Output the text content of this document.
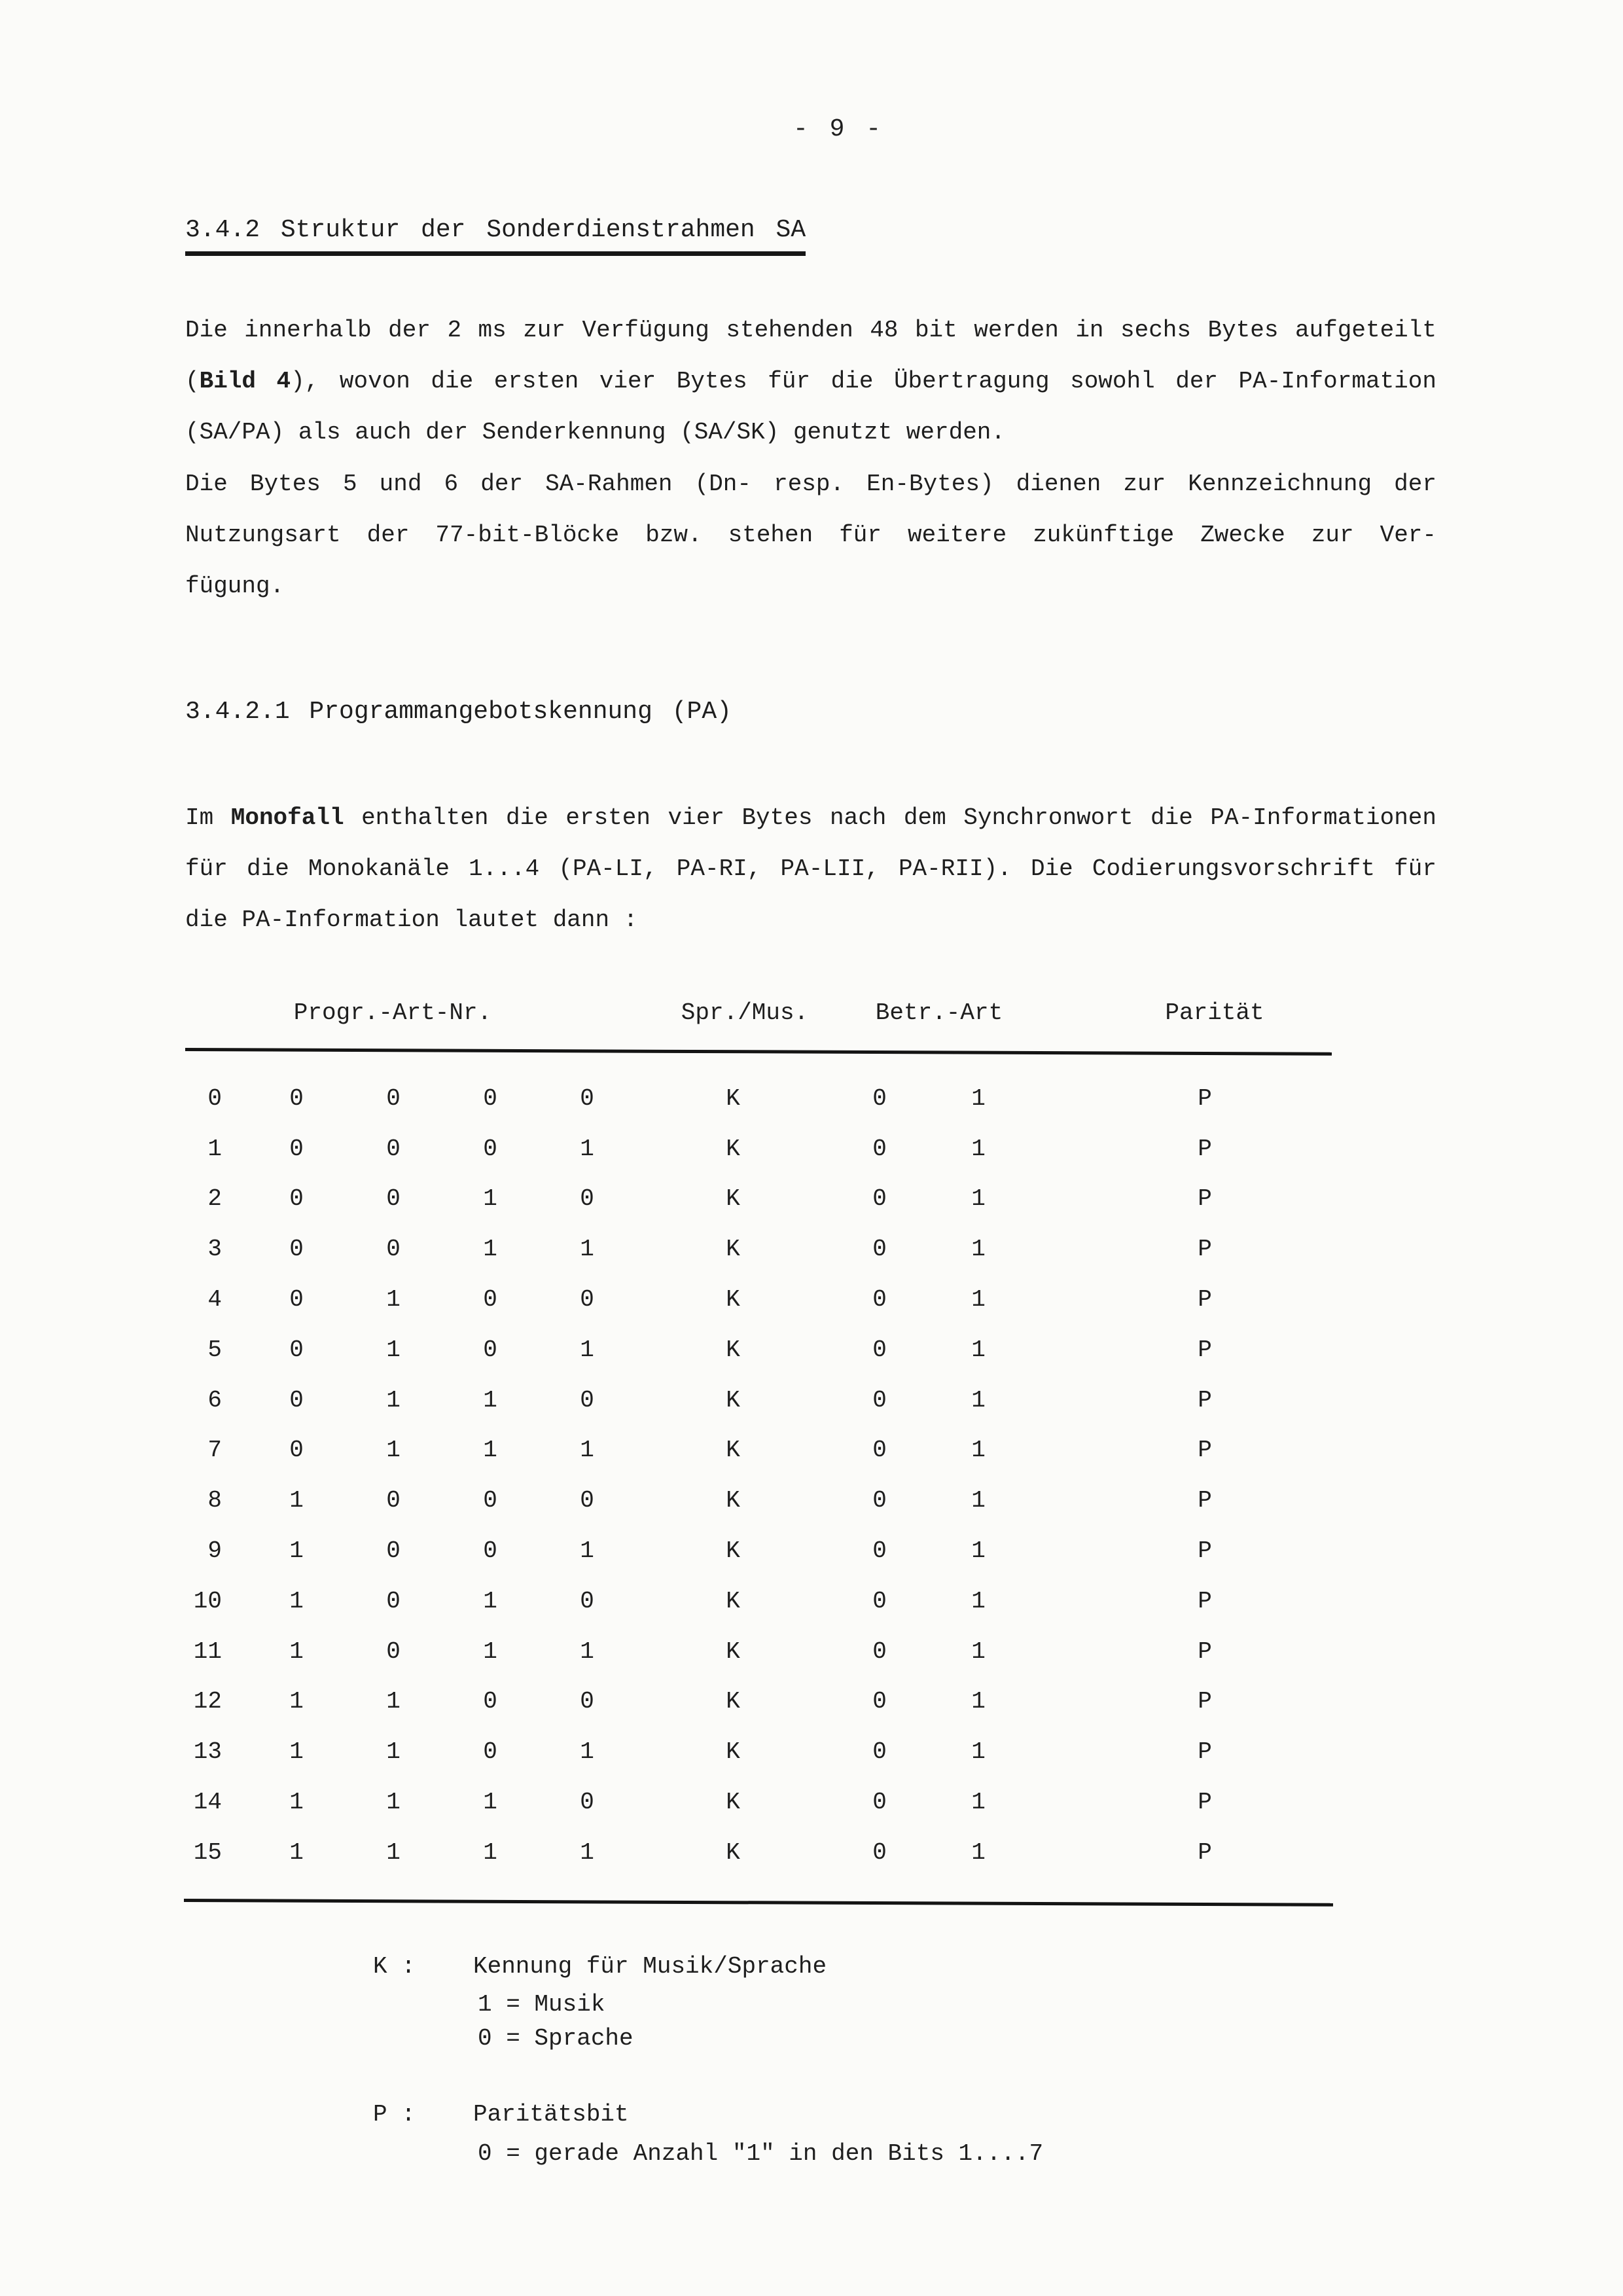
- 9 -
3.4.2 Struktur der Sonderdienstrahmen SA
Die innerhalb der 2 ms zur Verfügung stehenden 48 bit werden in sechs Bytes aufgeteilt
(Bild 4), wovon die ersten vier Bytes für die Übertragung sowohl der PA-Information
(SA/PA) als auch der Senderkennung (SA/SK) genutzt werden.
Die Bytes 5 und 6 der SA-Rahmen (Dn- resp. En-Bytes) dienen zur Kennzeichnung der
Nutzungsart der 77-bit-Blöcke bzw. stehen für weitere zukünftige Zwecke zur Ver-
fügung.
3.4.2.1 Programmangebotskennung (PA)
Im Monofall enthalten die ersten vier Bytes nach dem Synchronwort die PA-Informationen
für die Monokanäle 1...4 (PA-LI, PA-RI, PA-LII, PA-RII). Die Codierungsvorschrift für
die PA-Information lautet dann :
Progr.-Art-Nr.	Spr./Mus.	Betr.-Art	Parität
0	0	0	0	0	K	0	1	P
1	0	0	0	1	K	0	1	P
2	0	0	1	0	K	0	1	P
3	0	0	1	1	K	0	1	P
4	0	1	0	0	K	0	1	P
5	0	1	0	1	K	0	1	P
6	0	1	1	0	K	0	1	P
7	0	1	1	1	K	0	1	P
8	1	0	0	0	K	0	1	P
9	1	0	0	1	K	0	1	P
10	1	0	1	0	K	0	1	P
11	1	0	1	1	K	0	1	P
12	1	1	0	0	K	0	1	P
13	1	1	0	1	K	0	1	P
14	1	1	1	0	K	0	1	P
15	1	1	1	1	K	0	1	P
K : Kennung für Musik/Sprache
1 = Musik
0 = Sprache
P : Paritätsbit
0 = gerade Anzahl "1" in den Bits 1....7
